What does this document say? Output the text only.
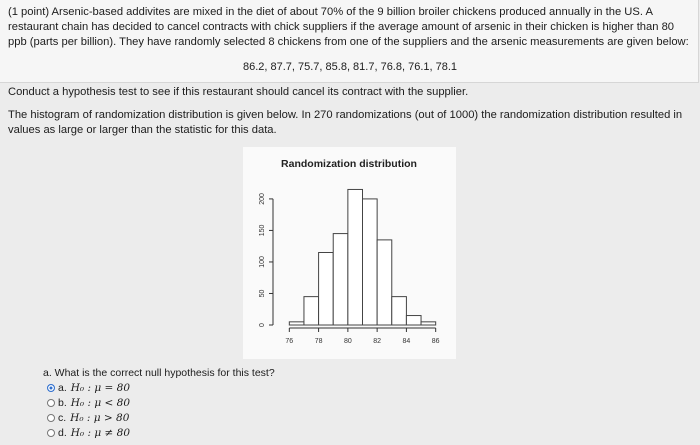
(1 point) Arsenic-based addivites are mixed in the diet of about 70% of the 9 billion broiler chickens produced annually in the US. A restaurant chain has decided to cancel contracts with chick suppliers if the average amount of arsenic in their chicken is higher than 80 ppb (parts per billion). They have randomly selected 8 chickens from one of the suppliers and the arsenic measurements are given below:

86.2, 87.7, 75.7, 85.8, 81.7, 76.8, 76.1, 78.1

Conduct a hypothesis test to see if this restaurant should cancel its contract with the supplier.

The histogram of randomization distribution is given below. In 270 randomizations (out of 1000) the randomization distribution resulted in values as large or larger than the statistic for this data.

Randomization distribution
76	78	80	82	84	86
0
50
100
150
200
a. What is the correct null hypothesis for this test?
a. H₀ : μ = 80
b. H₀ : μ < 80
c. H₀ : μ > 80
d. H₀ : μ ≠ 80
